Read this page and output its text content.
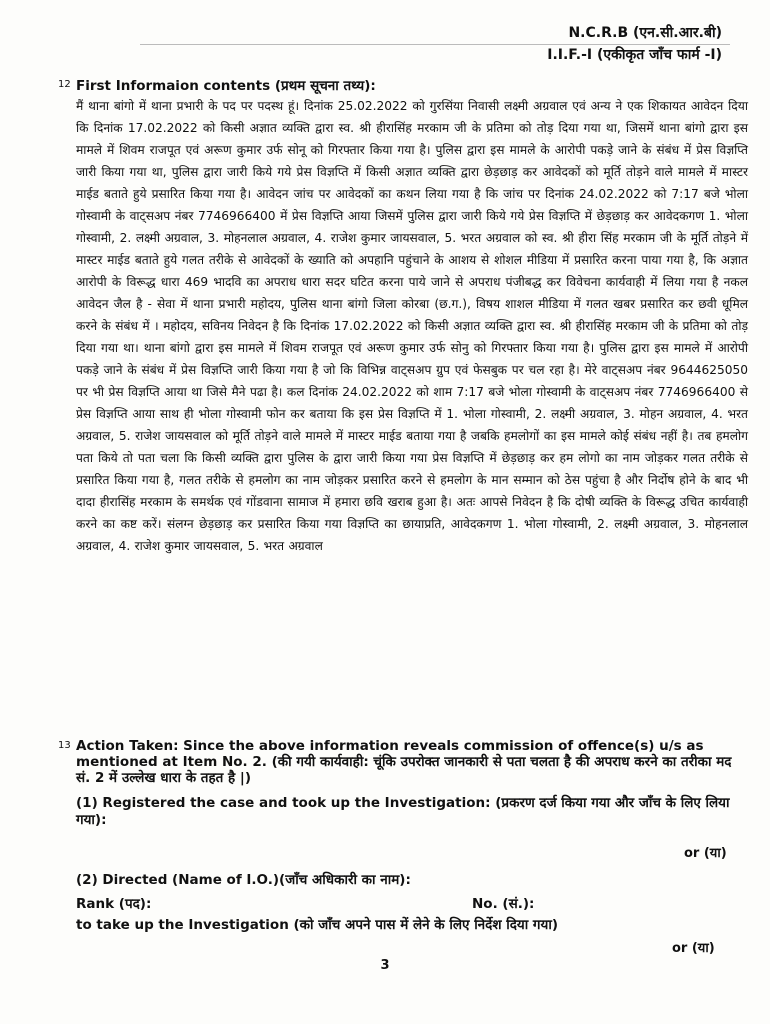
N.C.R.B (एन.सी.आर.बी)
I.I.F.-I (एकीकृत जाँच फार्म -I)
12 First Informaion contents (प्रथम सूचना तथ्य):

मैं थाना बांगो में थाना प्रभारी के पद पर पदस्थ हूं। दिनांक 25.02.2022 को गुरसिंया निवासी लक्ष्मी अग्रवाल एवं अन्य ने एक शिकायत आवेदन दिया कि दिनांक 17.02.2022 को किसी अज्ञात व्यक्ति द्वारा स्व. श्री हीरासिंह मरकाम जी के प्रतिमा को तोड़ दिया गया था, जिसमें थाना बांगो द्वारा इस मामले में शिवम राजपूत एवं अरूण कुमार उर्फ सोनू को गिरफ्तार किया गया है। पुलिस द्वारा इस मामले के आरोपी पकड़े जाने के संबंध में प्रेस विज्ञप्ति जारी किया गया था, पुलिस द्वारा जारी किये गये प्रेस विज्ञप्ति में किसी अज्ञात व्यक्ति द्वारा छेड़छाड़ कर आवेदकों को मूर्ति तोड़ने वाले मामले में मास्टर माईड बताते हुये प्रसारित किया गया है। आवेदन जांच पर आवेदकों का कथन लिया गया है कि जांच पर दिनांक 24.02.2022 को 7:17 बजे भोला गोस्वामी के वाट्सअप नंबर 7746966400 में प्रेस विज्ञप्ति आया जिसमें पुलिस द्वारा जारी किये गये प्रेस विज्ञप्ति में छेड़छाड़ कर आवेदकगण 1. भोला गोस्वामी, 2. लक्ष्मी अग्रवाल, 3. मोहनलाल अग्रवाल, 4. राजेश कुमार जायसवाल, 5. भरत अग्रवाल को स्व. श्री हीरा सिंह मरकाम जी के मूर्ति तोड़ने में मास्टर माईड बताते हुये गलत तरीके से आवेदकों के ख्याति को अपहानि पहुंचाने के आशय से शोशल मीडिया में प्रसारित करना पाया गया है, कि अज्ञात आरोपी के विरूद्ध धारा 469 भादवि का अपराध धारा सदर घटित करना पाये जाने से अपराध पंजीबद्ध कर विवेचना कार्यवाही में लिया गया है नकल आवेदन जैल है - सेवा में थाना प्रभारी महोदय, पुलिस थाना बांगो जिला कोरबा (छ.ग.), विषय शाशल मीडिया में गलत खबर प्रसारित कर छवी धूमिल करने के संबंध में । महोदय, सविनय निवेदन है कि दिनांक 17.02.2022 को किसी अज्ञात व्यक्ति द्वारा स्व. श्री हीरासिंह मरकाम जी के प्रतिमा को तोड़ दिया गया था। थाना बांगो द्वारा इस मामले में शिवम राजपूत एवं अरूण कुमार उर्फ सोनु को गिरफ्तार किया गया है। पुलिस द्वारा इस मामले में आरोपी पकड़े जाने के संबंध में प्रेस विज्ञप्ति जारी किया गया है जो कि विभिन्न वाट्सअप ग्रुप एवं फेसबुक पर चल रहा है। मेरे वाट्सअप नंबर 9644625050 पर भी प्रेस विज्ञप्ति आया था जिसे मैने पढा है। कल दिनांक 24.02.2022 को शाम 7:17 बजे भोला गोस्वामी के वाट्सअप नंबर 7746966400 से प्रेस विज्ञप्ति आया साथ ही भोला गोस्वामी फोन कर बताया कि इस प्रेस विज्ञप्ति में 1. भोला गोस्वामी, 2. लक्ष्मी अग्रवाल, 3. मोहन अग्रवाल, 4. भरत अग्रवाल, 5. राजेश जायसवाल को मूर्ति तोड़ने वाले मामले में मास्टर माईड बताया गया है जबकि हमलोगों का इस मामले कोई संबंध नहीं है। तब हमलोग पता किये तो पता चला कि किसी व्यक्ति द्वारा पुलिस के द्वारा जारी किया गया प्रेस विज्ञप्ति में छेड़छाड़ कर हम लोगो का नाम जोड़कर गलत तरीके से प्रसारित किया गया है, गलत तरीके से हमलोग का नाम जोड़कर प्रसारित करने से हमलोग के मान सम्मान को ठेस पहुंचा है और निर्दोष होने के बाद भी दादा हीरासिंह मरकाम के समर्थक एवं गोंडवाना सामाज में हमारा छवि खराब हुआ है। अतः आपसे निवेदन है कि दोषी व्यक्ति के विरूद्ध उचित कार्यवाही करने का कष्ट करें। संलग्न छेड़छाड़ कर प्रसारित किया गया विज्ञप्ति का छायाप्रति, आवेदकगण 1. भोला गोस्वामी, 2. लक्ष्मी अग्रवाल, 3. मोहनलाल अग्रवाल, 4. राजेश कुमार जायसवाल, 5. भरत अग्रवाल

13 Action Taken: Since the above information reveals commission of offence(s) u/s as mentioned at Item No. 2. (की गयी कार्यवाही: चूंकि उपरोक्त जानकारी से पता चलता है की अपराध करने का तरीका मद सं. 2 में उल्लेख धारा के तहत है |)
(1) Registered the case and took up the Investigation: (प्रकरण दर्ज किया गया और जाँच के लिए लिया गया):
or (या)
(2) Directed (Name of I.O.)(जाँच अधिकारी का नाम):
Rank (पद):	No. (सं.):
to take up the Investigation (को जाँच अपने पास में लेने के लिए निर्देश दिया गया)
or (या)
3
